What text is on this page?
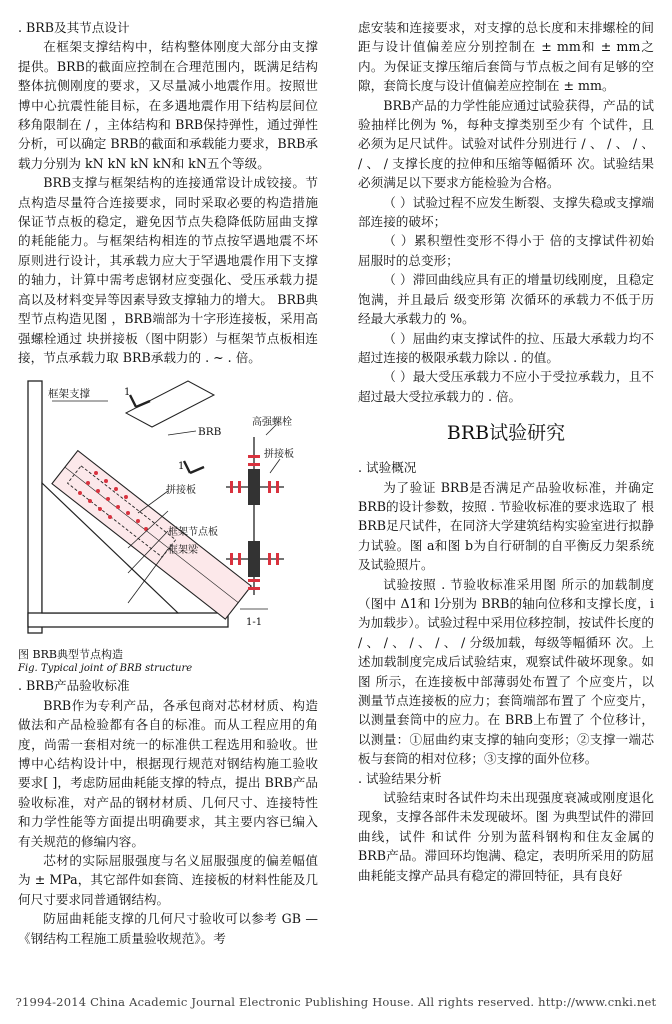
. BRB及其节点设计

在框架支撑结构中，结构整体刚度大部分由支撑提供。BRB的截面应控制在合理范围内，既满足结构整体抗侧刚度的要求，又尽量减小地震作用。按照世博中心抗震性能目标，在多遇地震作用下结构层间位移角限制在 / ，主体结构和 BRB保持弹性，通过弹性分析，可以确定 BRB的截面和承载能力要求，BRB承载力分别为 kN kN kN kN和 kN五个等级。

BRB支撑与框架结构的连接通常设计成铰接。节点构造尽量符合连接要求，同时采取必要的构造措施保证节点板的稳定，避免因节点失稳降低防屈曲支撑的耗能能力。与框架结构相连的节点按罕遇地震不坏原则进行设计，其承载力应大于罕遇地震作用下支撑的轴力，计算中需考虑钢材应变强化、受压承载力提高以及材料变异等因素导致支撑轴力的增大。 BRB典型节点构造见图 ，BRB端部为十字形连接板，采用高强螺栓通过 块拼接板（图中阴影）与框架节点板相连接，节点承载力取 BRB承载力的 . ~ . 倍。

1
1
框架支撑
BRB
拼接板
框架节点板
框架梁
高强螺栓
拼接板
1-1

图 BRB典型节点构造

Fig. Typical joint of BRB structure

. BRB产品验收标准

BRB作为专利产品，各承包商对芯材材质、构造做法和产品检验都有各自的标准。而从工程应用的角度，尚需一套相对统一的标准供工程选用和验收。世博中心结构设计中，根据现行规范对钢结构施工验收要求[ ]，考虑防屈曲耗能支撑的特点，提出 BRB产品验收标准，对产品的钢材材质、几何尺寸、连接特性和力学性能等方面提出明确要求，其主要内容已编入有关规范的修编内容。

芯材的实际屈服强度与名义屈服强度的偏差幅值为 ± MPa，其它部件如套筒、连接板的材料性能及几何尺寸要求同普通钢结构。

防屈曲耗能支撑的几何尺寸验收可以参考 GB — 《钢结构工程施工质量验收规范》。考

虑安装和连接要求，对支撑的总长度和末排螺栓的间距与设计值偏差应分别控制在 ± mm和 ± mm之内。为保证支撑压缩后套筒与节点板之间有足够的空隙，套筒长度与设计值偏差应控制在 ± mm。

BRB产品的力学性能应通过试验获得，产品的试验抽样比例为 %，每种支撑类别至少有 个试件，且必须为足尺试件。试验对试件分别进行 / 、 / 、 / 、 / 、 / 支撑长度的拉伸和压缩等幅循环 次。试验结果必须满足以下要求方能检验为合格。

（ ）试验过程不应发生断裂、支撑失稳或支撑端部连接的破坏；

（ ）累积塑性变形不得小于 倍的支撑试件初始屈服时的总变形；

（ ）滞回曲线应具有正的增量切线刚度，且稳定饱满，并且最后 级变形第 次循环的承载力不低于历经最大承载力的 %。

（ ）屈曲约束支撑试件的拉、压最大承载力均不超过连接的极限承载力除以 . 的值。

（ ）最大受压承载力不应小于受拉承载力，且不超过最大受拉承载力的 . 倍。

BRB试验研究

. 试验概况

为了验证 BRB是否满足产品验收标准，并确定 BRB的设计参数，按照 . 节验收标准的要求选取了 根 BRB足尺试件，在同济大学建筑结构实验室进行拟静力试验。图 a和图 b为自行研制的自平衡反力架系统及试验照片。

试验按照 . 节验收标准采用图 所示的加载制度（图中 Δ1和 l分别为 BRB的轴向位移和支撑长度，i为加载步）。试验过程中采用位移控制，按试件长度的 / 、 / 、 / 、 / 、 / 分级加载，每级等幅循环 次。上述加载制度完成后试验结束，观察试件破坏现象。如图 所示，在连接板中部薄弱处布置了 个应变片，以测量节点连接板的应力；套筒端部布置了 个应变片，以测量套筒中的应力。在 BRB上布置了 个位移计，以测量：①屈曲约束支撑的轴向变形；②支撑一端芯板与套筒的相对位移；③支撑的面外位移。

. 试验结果分析

试验结束时各试件均未出现强度衰减或刚度退化现象，支撑各部件未发现破坏。图 为典型试件的滞回曲线，试件 和试件 分别为蓝科钢构和住友金属的 BRB产品。滞回环均饱满、稳定，表明所采用的防屈曲耗能支撑产品具有稳定的滞回特征，具有良好

?1994-2014 China Academic Journal Electronic Publishing House. All rights reserved. http://www.cnki.net
